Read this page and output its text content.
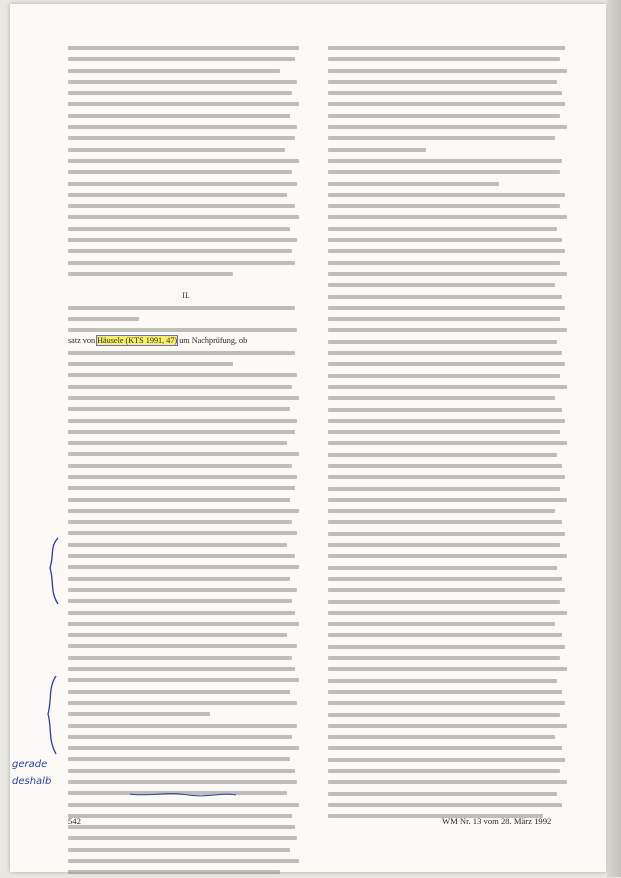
II.
satz von Häusele (KTS 1991, 47) um Nachprüfung, ob
542	WM Nr. 13 vom 28. März 1992
gerade
deshalb
